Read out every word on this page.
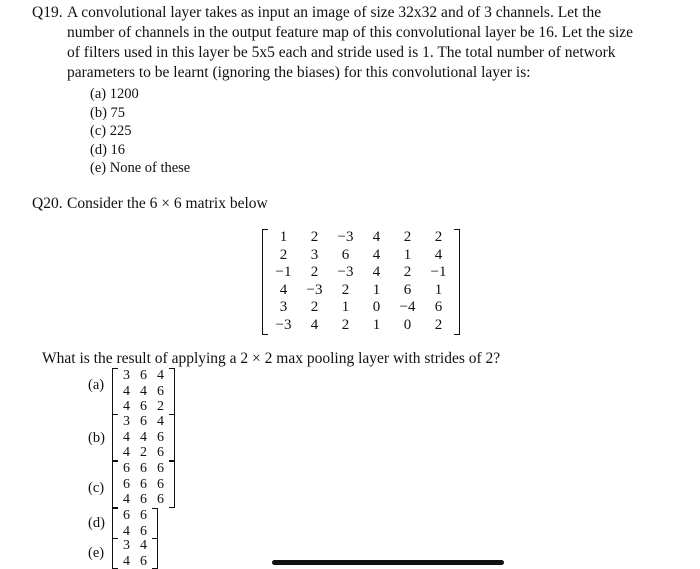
Q19. A convolutional layer takes as input an image of size 32x32 and of 3 channels. Let the
number of channels in the output feature map of this convolutional layer be 16. Let the size
of filters used in this layer be 5x5 each and stride used is 1. The total number of network
parameters to be learnt (ignoring the biases) for this convolutional layer is:
(a) 1200
(b) 75
(c) 225
(d) 16
(e) None of these
Q20. Consider the 6 × 6 matrix below
1	2	−3	4	2	2
2	3	6	4	1	4
−1	2	−3	4	2	−1
4	−3	2	1	6	1
3	2	1	0	−4	6
−3	4	2	1	0	2
What is the result of applying a 2 × 2 max pooling layer with strides of 2?
(a)
3	6	4
4	4	6
4	6	2
(b)
3	6	4
4	4	6
4	2	6
(c)
6	6	6
6	6	6
4	6	6
(d) 6	6
4	6
(e) 3	4
4	6
